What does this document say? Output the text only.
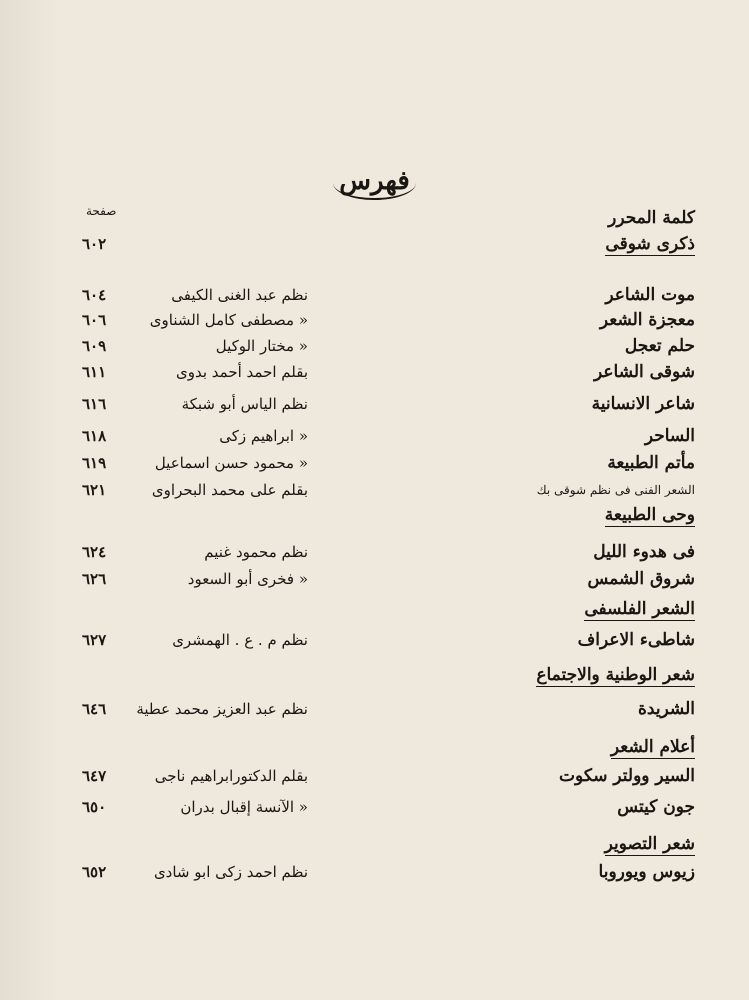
فهرس
صفحة	كلمة المحرر
ذكرى شوقى
٦٠٢
موت الشاعر
نظم عبد الغنى الكيفى
٦٠٤
معجزة الشعر
« مصطفى كامل الشناوى
٦٠٦
حلم تعجل
« مختار الوكيل
٦٠٩
شوقى الشاعر
بقلم احمد أحمد بدوى
٦١١
شاعر الانسانية
نظم الياس أبو شبكة
٦١٦
الساحر
« ابراهيم زكى
٦١٨
مأتم الطبيعة
« محمود حسن اسماعيل
٦١٩
الشعر الفنى فى نظم شوقى بك
بقلم على محمد البحراوى
٦٢١
وحى الطبيعة
فى هدوء الليل
نظم محمود غنيم
٦٢٤
شروق الشمس
« فخرى أبو السعود
٦٢٦
الشعر الفلسفى
شاطىء الاعراف
نظم م . ع . الهمشرى
٦٢٧
شعر الوطنية والاجتماع
الشريدة
نظم عبد العزيز محمد عطية
٦٤٦
أعلام الشعر
السير وولتر سكوت
بقلم الدكتورابراهيم ناجى
٦٤٧
جون كيتس
« الآنسة إقبال بدران
٦٥٠
شعر التصوير
زيوس ويوروبا
نظم احمد زكى ابو شادى
٦٥٢
